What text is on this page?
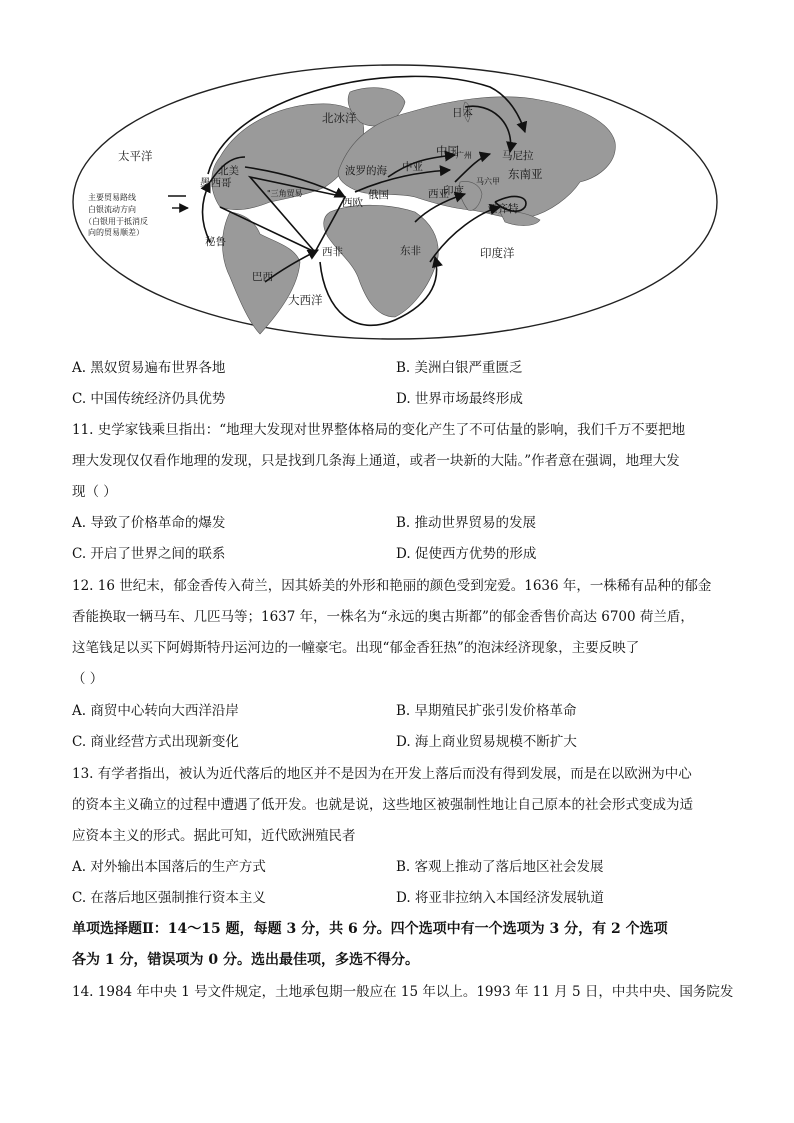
北冰洋
太平洋
大西洋
印度洋
北美
墨西哥
秘鲁
巴西
西非	东非
西欧
波罗的海
俄国
中亚
西亚
印度
中国
日本
马尼拉
东南亚
马六甲
广州
亚齐特
"三角贸易
主要贸易路线
白银流动方向
（白银用于抵消反
向的贸易顺差）
A. 黑奴贸易遍布世界各地	B. 美洲白银严重匮乏
C. 中国传统经济仍具优势	D. 世界市场最终形成
11. 史学家钱乘旦指出：“地理大发现对世界整体格局的变化产生了不可估量的影响，我们千万不要把地
理大发现仅仅看作地理的发现，只是找到几条海上通道，或者一块新的大陆。”作者意在强调，地理大发
现（ ）
A. 导致了价格革命的爆发	B. 推动世界贸易的发展
C. 开启了世界之间的联系	D. 促使西方优势的形成
12. 16 世纪末，郁金香传入荷兰，因其娇美的外形和艳丽的颜色受到宠爱。1636 年，一株稀有品种的郁金
香能换取一辆马车、几匹马等；1637 年，一株名为“永远的奥古斯都”的郁金香售价高达 6700 荷兰盾，
这笔钱足以买下阿姆斯特丹运河边的一幢豪宅。出现“郁金香狂热”的泡沫经济现象，主要反映了
（ ）
A. 商贸中心转向大西洋沿岸	B. 早期殖民扩张引发价格革命
C. 商业经营方式出现新变化	D. 海上商业贸易规模不断扩大
13. 有学者指出，被认为近代落后的地区并不是因为在开发上落后而没有得到发展，而是在以欧洲为中心
的资本主义确立的过程中遭遇了低开发。也就是说，这些地区被强制性地让自己原本的社会形式变成为适
应资本主义的形式。据此可知，近代欧洲殖民者
A. 对外输出本国落后的生产方式	B. 客观上推动了落后地区社会发展
C. 在落后地区强制推行资本主义	D. 将亚非拉纳入本国经济发展轨道
单项选择题Ⅱ：14～15 题，每题 3 分，共 6 分。四个选项中有一个选项为 3 分，有 2 个选项
各为 1 分，错误项为 0 分。选出最佳项，多选不得分。
14. 1984 年中央 1 号文件规定，土地承包期一般应在 15 年以上。1993 年 11 月 5 日，中共中央、国务院发
